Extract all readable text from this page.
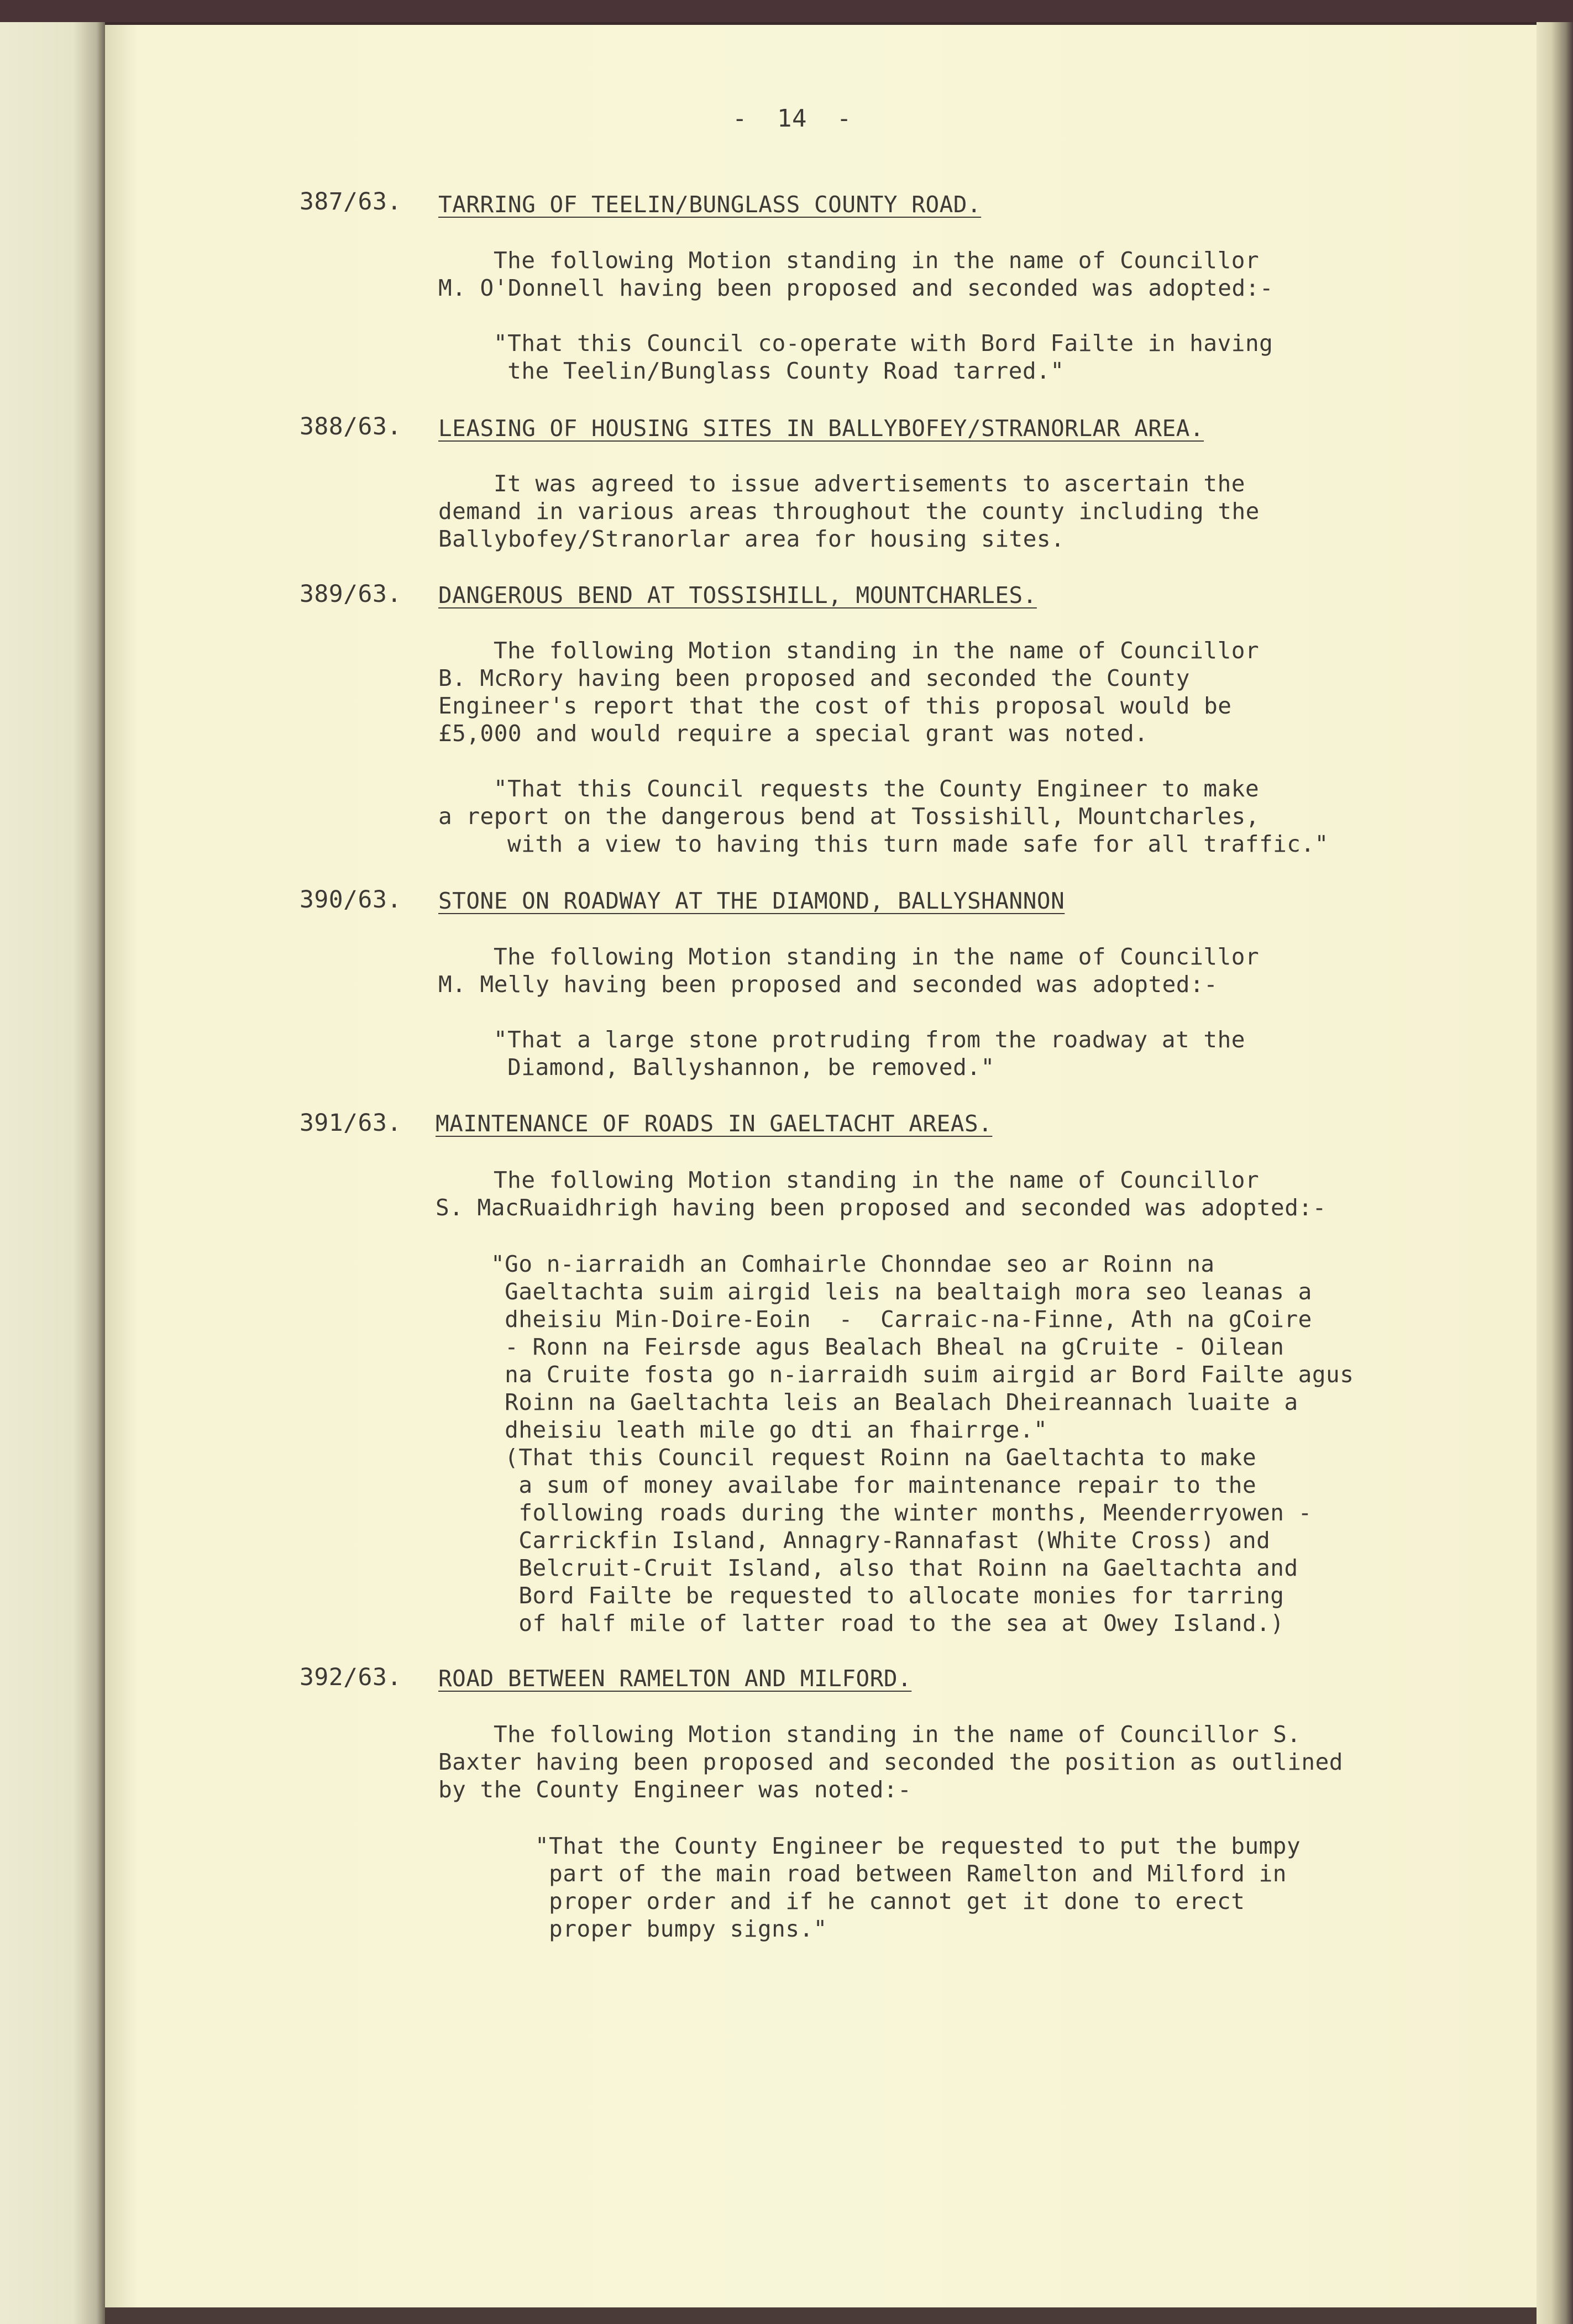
-  14  -
387/63. TARRING OF TEELIN/BUNGLASS COUNTY ROAD.
The following Motion standing in the name of Councillor
M. O'Donnell having been proposed and seconded was adopted:-
"That this Council co-operate with Bord Failte in having
the Teelin/Bunglass County Road tarred."
388/63. LEASING OF HOUSING SITES IN BALLYBOFEY/STRANORLAR AREA.
It was agreed to issue advertisements to ascertain the
demand in various areas throughout the county including the
Ballybofey/Stranorlar area for housing sites.
389/63. DANGEROUS BEND AT TOSSISHILL, MOUNTCHARLES.
The following Motion standing in the name of Councillor
B. McRory having been proposed and seconded the County
Engineer's report that the cost of this proposal would be
£5,000 and would require a special grant was noted.
"That this Council requests the County Engineer to make
a report on the dangerous bend at Tossishill, Mountcharles,
with a view to having this turn made safe for all traffic."
390/63. STONE ON ROADWAY AT THE DIAMOND, BALLYSHANNON
The following Motion standing in the name of Councillor
M. Melly having been proposed and seconded was adopted:-
"That a large stone protruding from the roadway at the
Diamond, Ballyshannon, be removed."
391/63. MAINTENANCE OF ROADS IN GAELTACHT AREAS.
The following Motion standing in the name of Councillor
S. MacRuaidhrigh having been proposed and seconded was adopted:-
"Go n-iarraidh an Comhairle Chonndae seo ar Roinn na
Gaeltachta suim airgid leis na bealtaigh mora seo leanas a
dheisiu Min-Doire-Eoin  -  Carraic-na-Finne, Ath na gCoire
- Ronn na Feirsde agus Bealach Bheal na gCruite - Oilean
na Cruite fosta go n-iarraidh suim airgid ar Bord Failte agus
Roinn na Gaeltachta leis an Bealach Dheireannach luaite a
dheisiu leath mile go dti an fhairrge."
(That this Council request Roinn na Gaeltachta to make
a sum of money availabe for maintenance repair to the
following roads during the winter months, Meenderryowen -
Carrickfin Island, Annagry-Rannafast (White Cross) and
Belcruit-Cruit Island, also that Roinn na Gaeltachta and
Bord Failte be requested to allocate monies for tarring
of half mile of latter road to the sea at Owey Island.)
392/63. ROAD BETWEEN RAMELTON AND MILFORD.
The following Motion standing in the name of Councillor S.
Baxter having been proposed and seconded the position as outlined
by the County Engineer was noted:-
"That the County Engineer be requested to put the bumpy
part of the main road between Ramelton and Milford in
proper order and if he cannot get it done to erect
proper bumpy signs."
